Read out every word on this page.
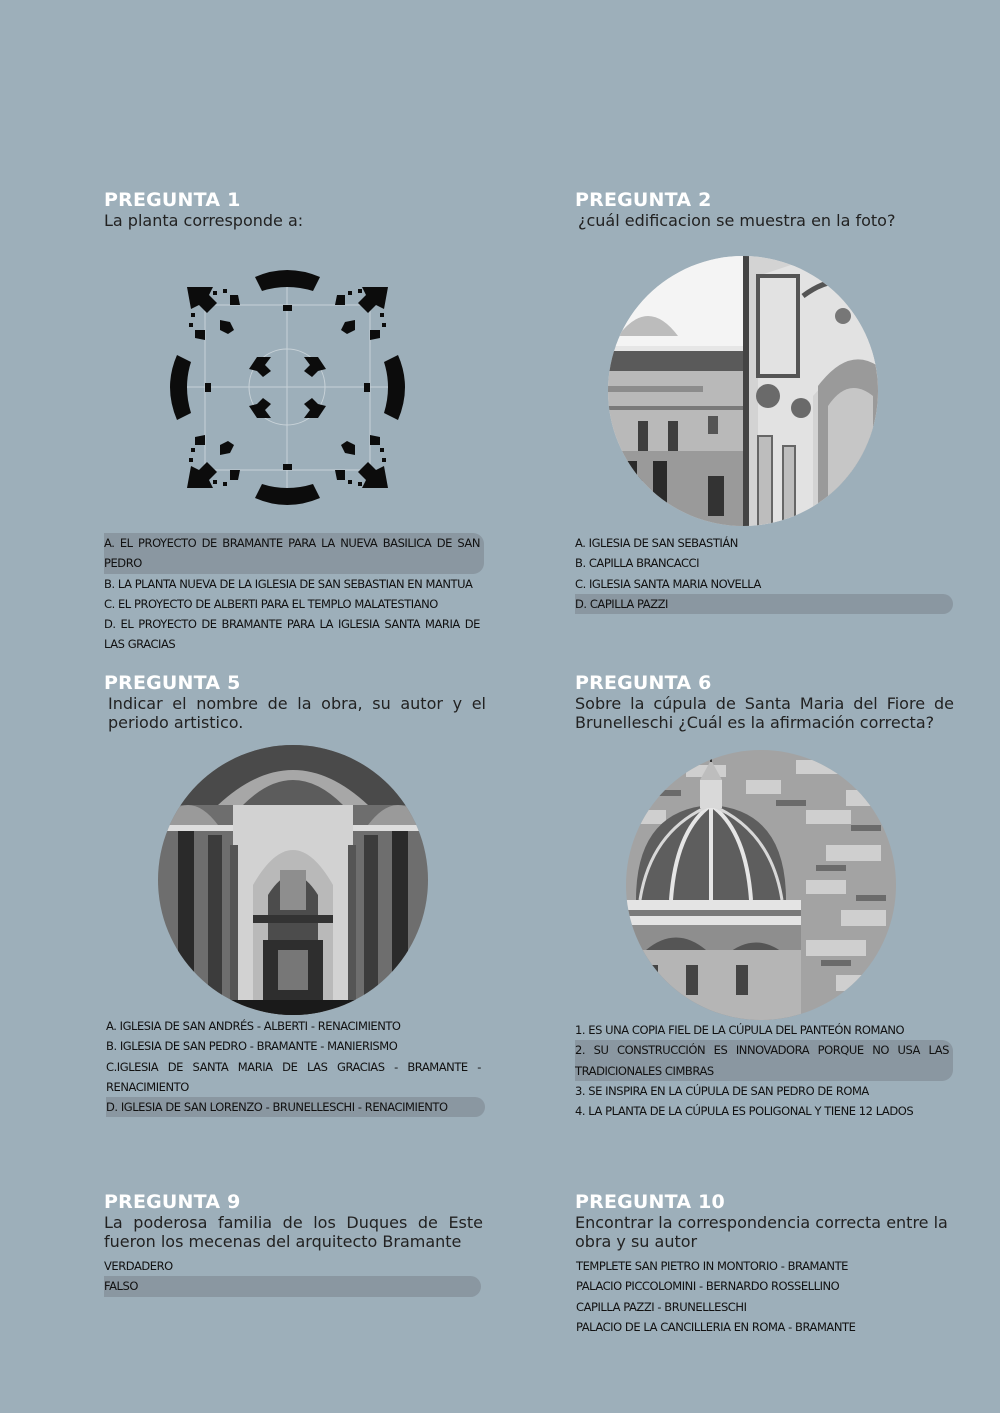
PREGUNTA 1
La planta corresponde a:
A. EL PROYECTO DE BRAMANTE PARA LA NUEVA BASILICA DE SAN PEDRO
B. LA PLANTA NUEVA DE LA IGLESIA DE SAN SEBASTIAN EN MANTUA
C. EL PROYECTO DE ALBERTI PARA EL TEMPLO MALATESTIANO
D. EL PROYECTO DE BRAMANTE PARA LA IGLESIA SANTA MARIA DE LAS GRACIAS
PREGUNTA 2
¿cuál edificacion se muestra en la foto?
A. IGLESIA DE SAN SEBASTIÁN
B. CAPILLA BRANCACCI
C. IGLESIA SANTA MARIA NOVELLA
D. CAPILLA PAZZI
PREGUNTA 5
Indicar el nombre de la obra, su autor y el periodo artistico.
A. IGLESIA DE SAN ANDRÉS - ALBERTI - RENACIMIENTO
B. IGLESIA DE SAN PEDRO - BRAMANTE - MANIERISMO
C.IGLESIA DE SANTA MARIA DE LAS GRACIAS - BRAMANTE - RENACIMIENTO
D. IGLESIA DE SAN LORENZO - BRUNELLESCHI - RENACIMIENTO
PREGUNTA 6
Sobre la cúpula de Santa Maria del Fiore de Brunelleschi ¿Cuál es la afirmación correcta?
1. ES UNA COPIA FIEL DE LA CÚPULA DEL PANTEÓN ROMANO
2. SU CONSTRUCCIÓN ES INNOVADORA PORQUE NO USA LAS TRADICIONALES CIMBRAS
3. SE INSPIRA EN LA CÚPULA DE SAN PEDRO DE ROMA
4. LA PLANTA DE LA CÚPULA ES POLIGONAL Y TIENE 12 LADOS
PREGUNTA 9
La poderosa familia de los Duques de Este fueron los mecenas del arquitecto Bramante
VERDADERO
FALSO
PREGUNTA 10
Encontrar la correspondencia correcta entre la obra y su autor
TEMPLETE SAN PIETRO IN MONTORIO - BRAMANTE
PALACIO PICCOLOMINI - BERNARDO ROSSELLINO
CAPILLA PAZZI - BRUNELLESCHI
PALACIO DE LA CANCILLERIA EN ROMA - BRAMANTE
